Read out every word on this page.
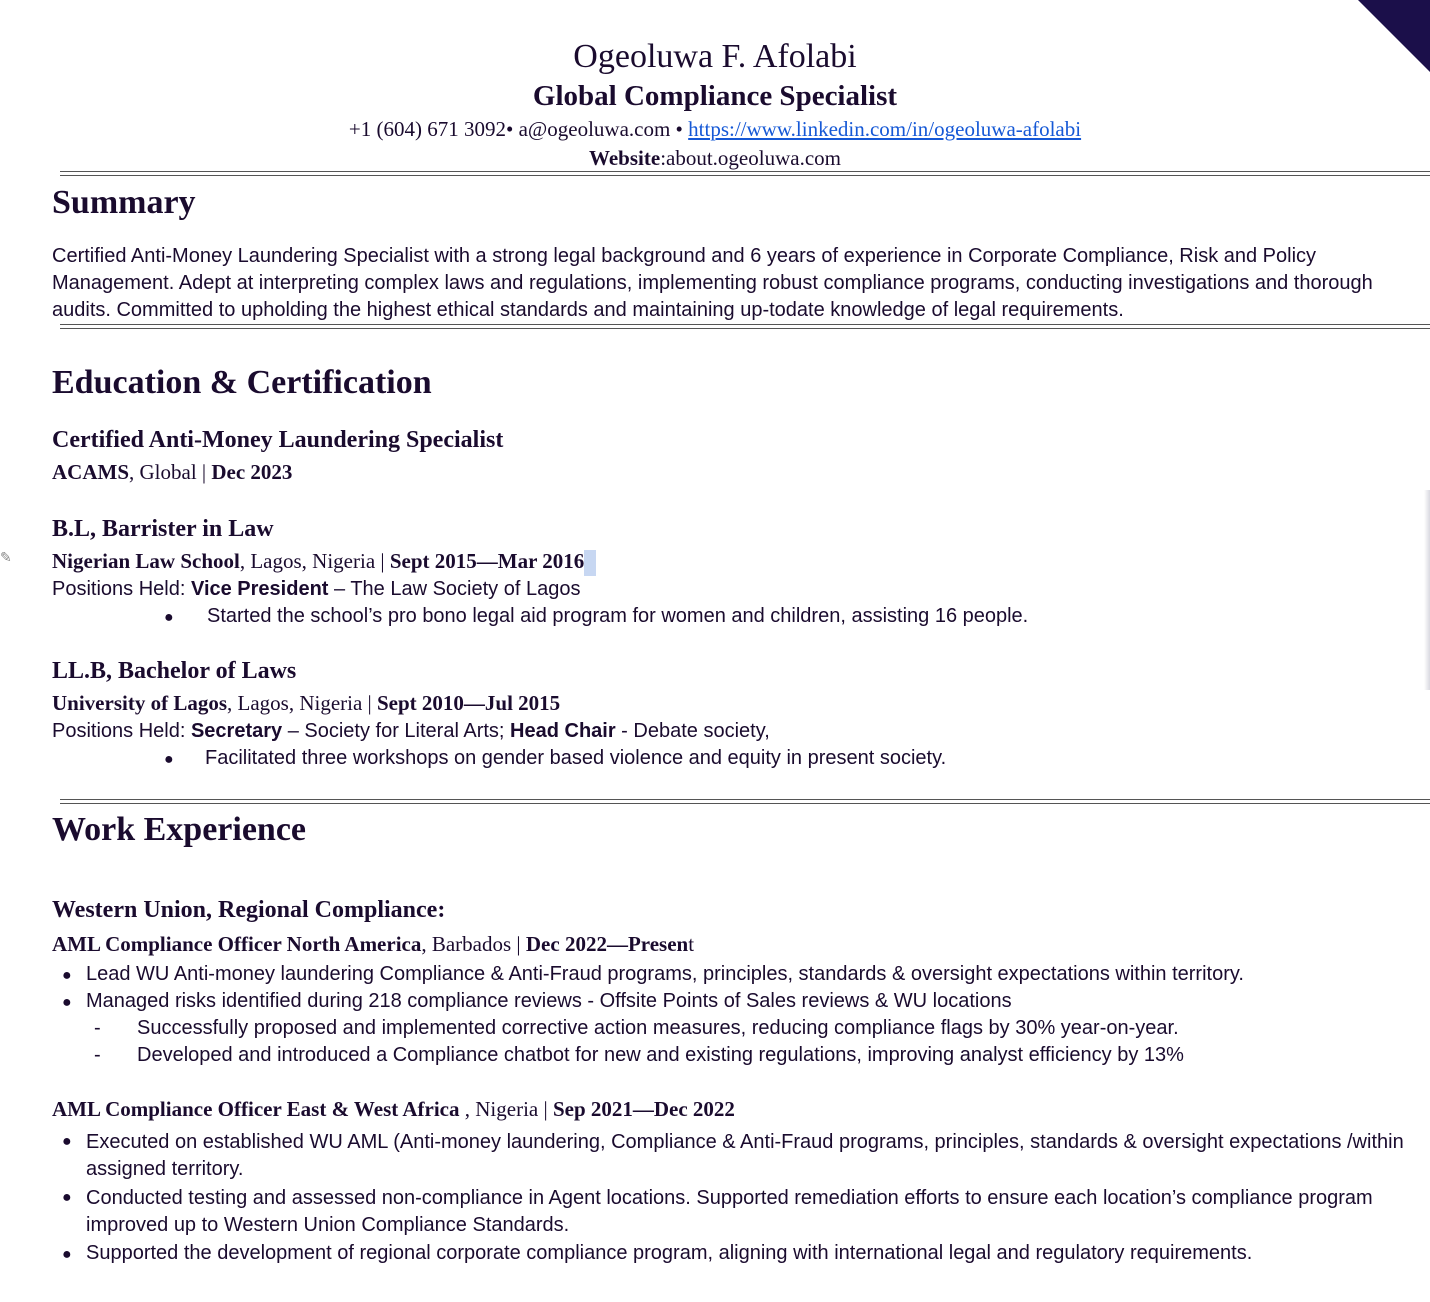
✎
Ogeoluwa F. Afolabi
Global Compliance Specialist
+1 (604) 671 3092• a@ogeoluwa.com • https://www.linkedin.com/in/ogeoluwa-afolabi
Website:about.ogeoluwa.com
Summary
Certified Anti-Money Laundering Specialist with a strong legal background and 6 years of experience in Corporate Compliance, Risk and Policy Management. Adept at interpreting complex laws and regulations, implementing robust compliance programs, conducting investigations and thorough audits. Committed to upholding the highest ethical standards and maintaining up-todate knowledge of legal requirements.
Education & Certification
Certified Anti-Money Laundering Specialist
ACAMS, Global | Dec 2023
B.L, Barrister in Law
Nigerian Law School, Lagos, Nigeria | Sept 2015—Mar 2016
Positions Held: Vice President – The Law Society of Lagos
● Started the school’s pro bono legal aid program for women and children, assisting 16 people.
LL.B, Bachelor of Laws
University of Lagos, Lagos, Nigeria | Sept 2010—Jul 2015
Positions Held: Secretary – Society for Literal Arts; Head Chair - Debate society,
● Facilitated three workshops on gender based violence and equity in present society.
Work Experience
Western Union, Regional Compliance:
AML Compliance Officer North America, Barbados | Dec 2022—Present
● Lead WU Anti-money laundering Compliance & Anti-Fraud programs, principles, standards & oversight expectations within territory.
● Managed risks identified during 218 compliance reviews - Offsite Points of Sales reviews & WU locations
- Successfully proposed and implemented corrective action measures, reducing compliance flags by 30% year-on-year.
- Developed and introduced a Compliance chatbot for new and existing regulations, improving analyst efficiency by 13%
AML Compliance Officer East & West Africa , Nigeria | Sep 2021—Dec 2022
● Executed on established WU AML (Anti-money laundering, Compliance & Anti-Fraud programs, principles, standards & oversight expectations /within assigned territory.
● Conducted testing and assessed non-compliance in Agent locations. Supported remediation efforts to ensure each location’s compliance program improved up to Western Union Compliance Standards.
● Supported the development of regional corporate compliance program, aligning with international legal and regulatory requirements.
